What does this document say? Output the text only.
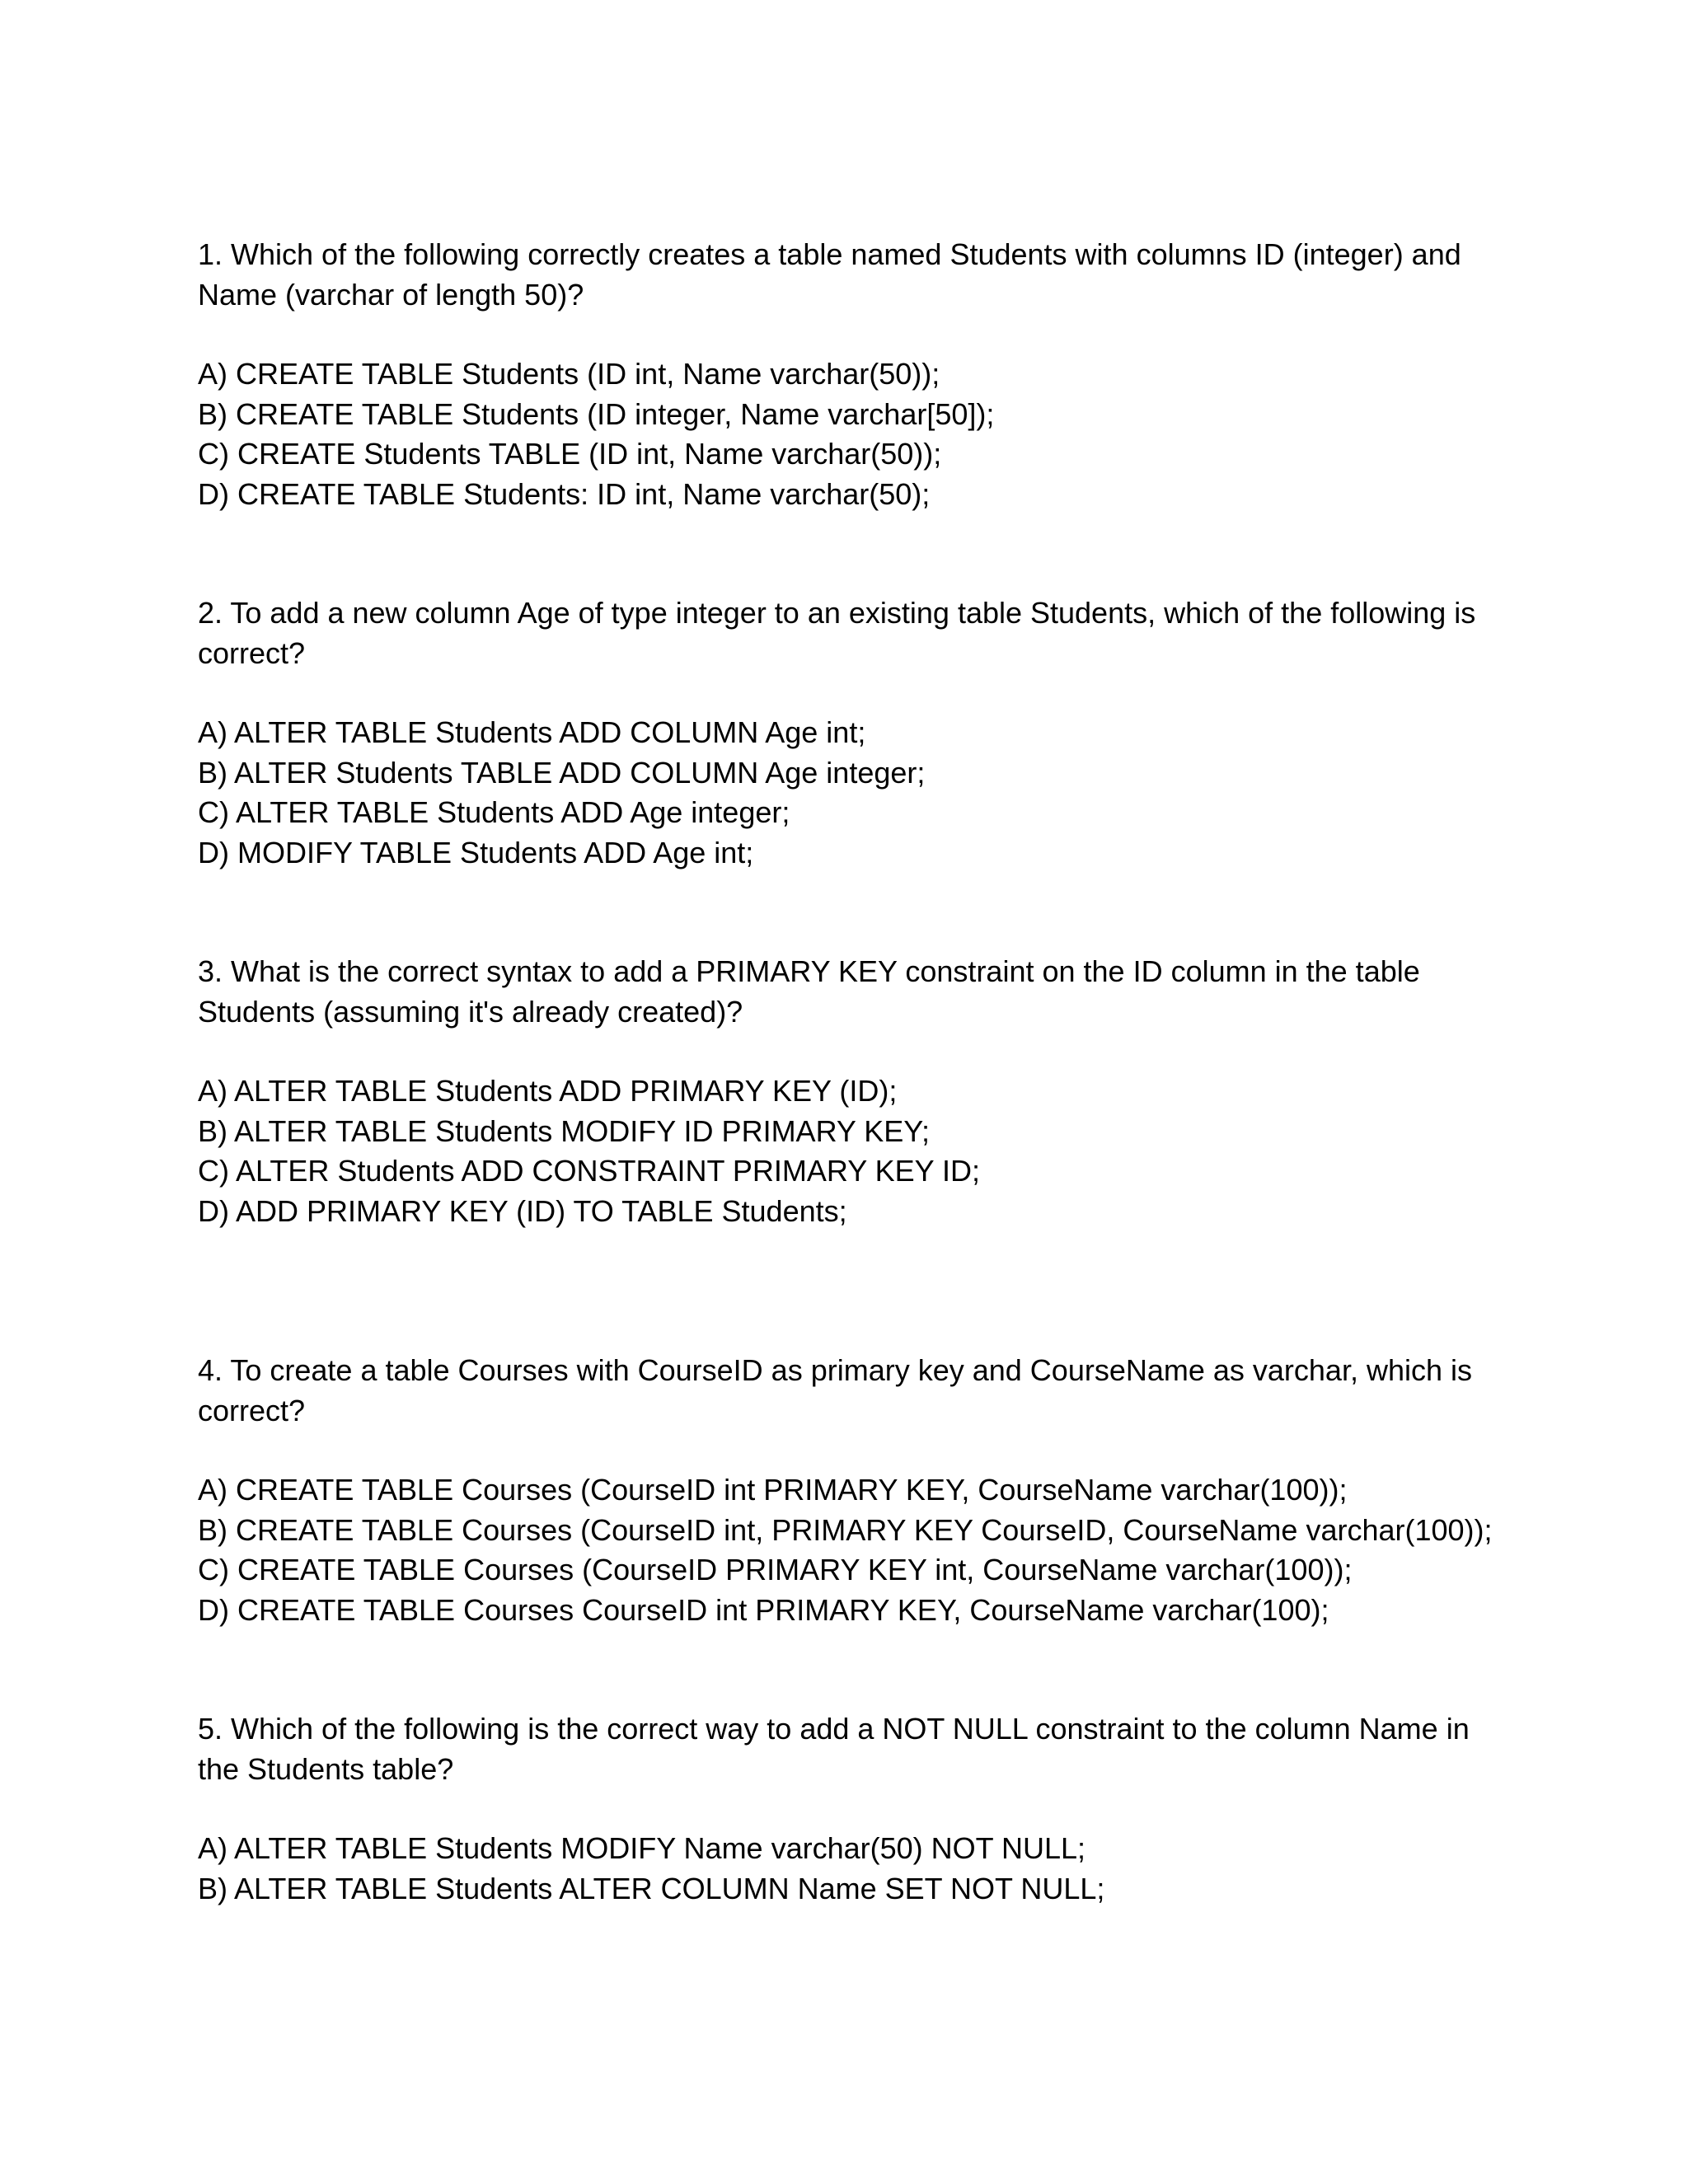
1. Which of the following correctly creates a table named Students with columns ID (integer) and Name (varchar of length 50)?

A) CREATE TABLE Students (ID int, Name varchar(50));

B) CREATE TABLE Students (ID integer, Name varchar[50]);

C) CREATE Students TABLE (ID int, Name varchar(50));

D) CREATE TABLE Students: ID int, Name varchar(50);

2. To add a new column Age of type integer to an existing table Students, which of the following is correct?

A) ALTER TABLE Students ADD COLUMN Age int;

B) ALTER Students TABLE ADD COLUMN Age integer;

C) ALTER TABLE Students ADD Age integer;

D) MODIFY TABLE Students ADD Age int;

3. What is the correct syntax to add a PRIMARY KEY constraint on the ID column in the table Students (assuming it's already created)?

A) ALTER TABLE Students ADD PRIMARY KEY (ID);

B) ALTER TABLE Students MODIFY ID PRIMARY KEY;

C) ALTER Students ADD CONSTRAINT PRIMARY KEY ID;

D) ADD PRIMARY KEY (ID) TO TABLE Students;

4. To create a table Courses with CourseID as primary key and CourseName as varchar, which is correct?

A) CREATE TABLE Courses (CourseID int PRIMARY KEY, CourseName varchar(100));

B) CREATE TABLE Courses (CourseID int, PRIMARY KEY CourseID, CourseName varchar(100));

C) CREATE TABLE Courses (CourseID PRIMARY KEY int, CourseName varchar(100));

D) CREATE TABLE Courses CourseID int PRIMARY KEY, CourseName varchar(100);

5. Which of the following is the correct way to add a NOT NULL constraint to the column Name in the Students table?

A) ALTER TABLE Students MODIFY Name varchar(50) NOT NULL;

B) ALTER TABLE Students ALTER COLUMN Name SET NOT NULL;
